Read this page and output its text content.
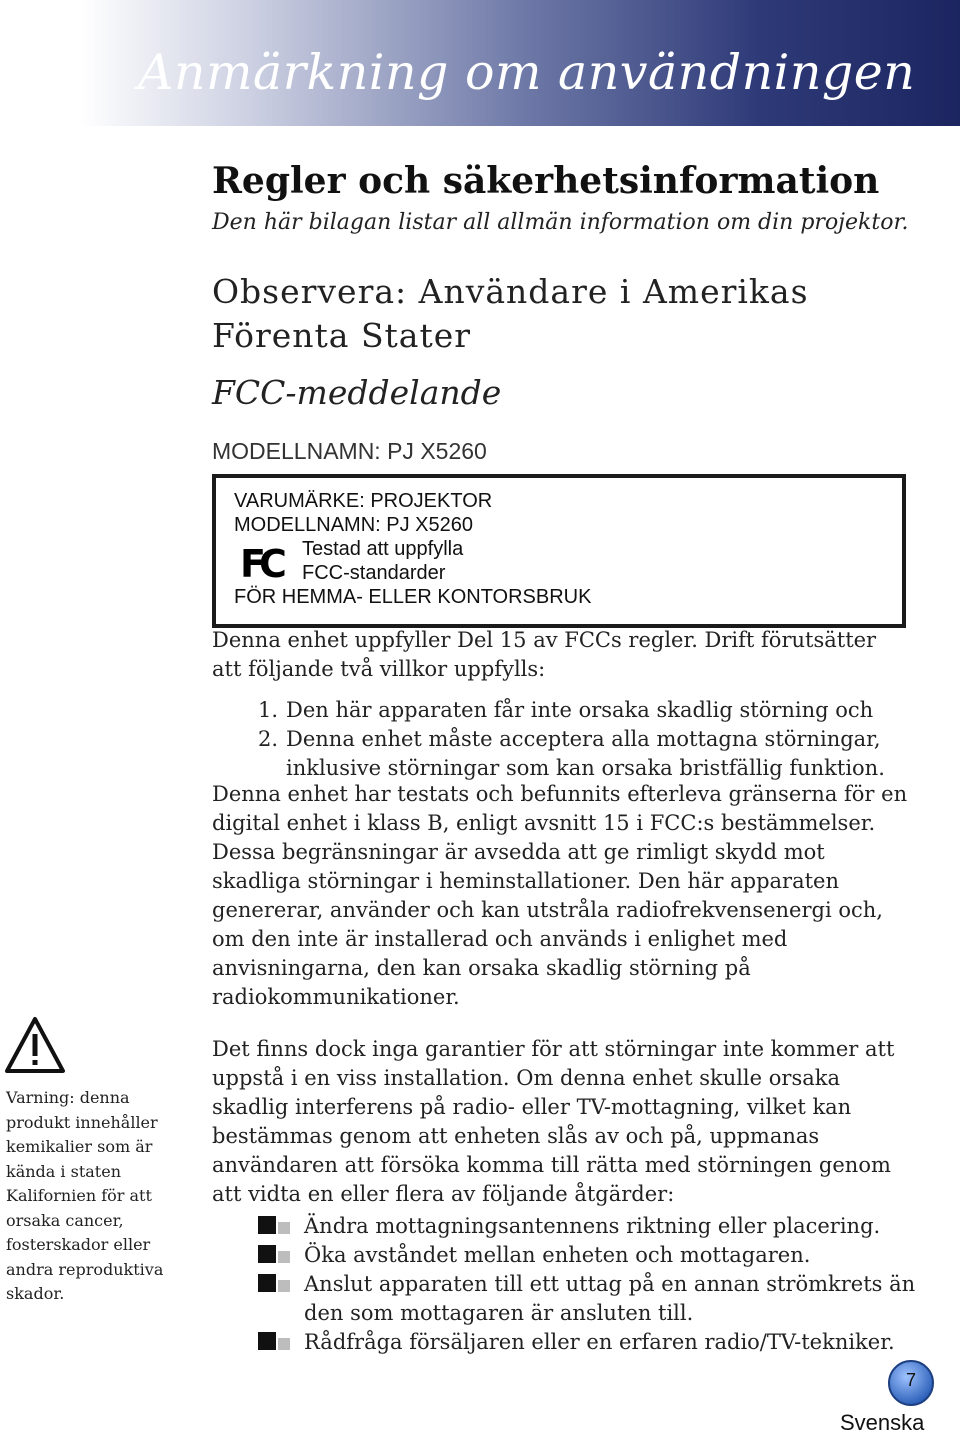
Anmärkning om användningen
Regler och säkerhetsinformation
Den här bilagan listar all allmän information om din projektor.
Observera: Användare i Amerikas Förenta Stater
FCC-meddelande
MODELLNAMN: PJ X5260
VARUMÄRKE: PROJEKTOR
MODELLNAMN: PJ X5260
FC Testad att uppfylla
FCC-standarder
FÖR HEMMA- ELLER KONTORSBRUK
Denna enhet uppfyller Del 15 av FCCs regler. Drift förutsätter att följande två villkor uppfylls:
1. Den här apparaten får inte orsaka skadlig störning och
2. Denna enhet måste acceptera alla mottagna störningar,
inklusive störningar som kan orsaka bristfällig funktion.
Denna enhet har testats och befunnits efterleva gränserna för en digital enhet i klass B, enligt avsnitt 15 i FCC:s bestämmelser. Dessa begränsningar är avsedda att ge rimligt skydd mot skadliga störningar i heminstallationer. Den här apparaten genererar, använder och kan utstråla radiofrekvensenergi och, om den inte är installerad och används i enlighet med anvisningarna, den kan orsaka skadlig störning på radiokommunikationer.
Det finns dock inga garantier för att störningar inte kommer att uppstå i en viss installation. Om denna enhet skulle orsaka skadlig interferens på radio- eller TV-mottagning, vilket kan bestämmas genom att enheten slås av och på, uppmanas användaren att försöka komma till rätta med störningen genom att vidta en eller flera av följande åtgärder:
Ändra mottagningsantennens riktning eller placering.
Öka avståndet mellan enheten och mottagaren.
Anslut apparaten till ett uttag på en annan strömkrets än den som mottagaren är ansluten till.
Rådfråga försäljaren eller en erfaren radio/TV-tekniker.
Varning: denna produkt innehåller kemikalier som är kända i staten Kalifornien för att orsaka cancer, fosterskador eller andra reproduktiva skador.
7
Svenska
